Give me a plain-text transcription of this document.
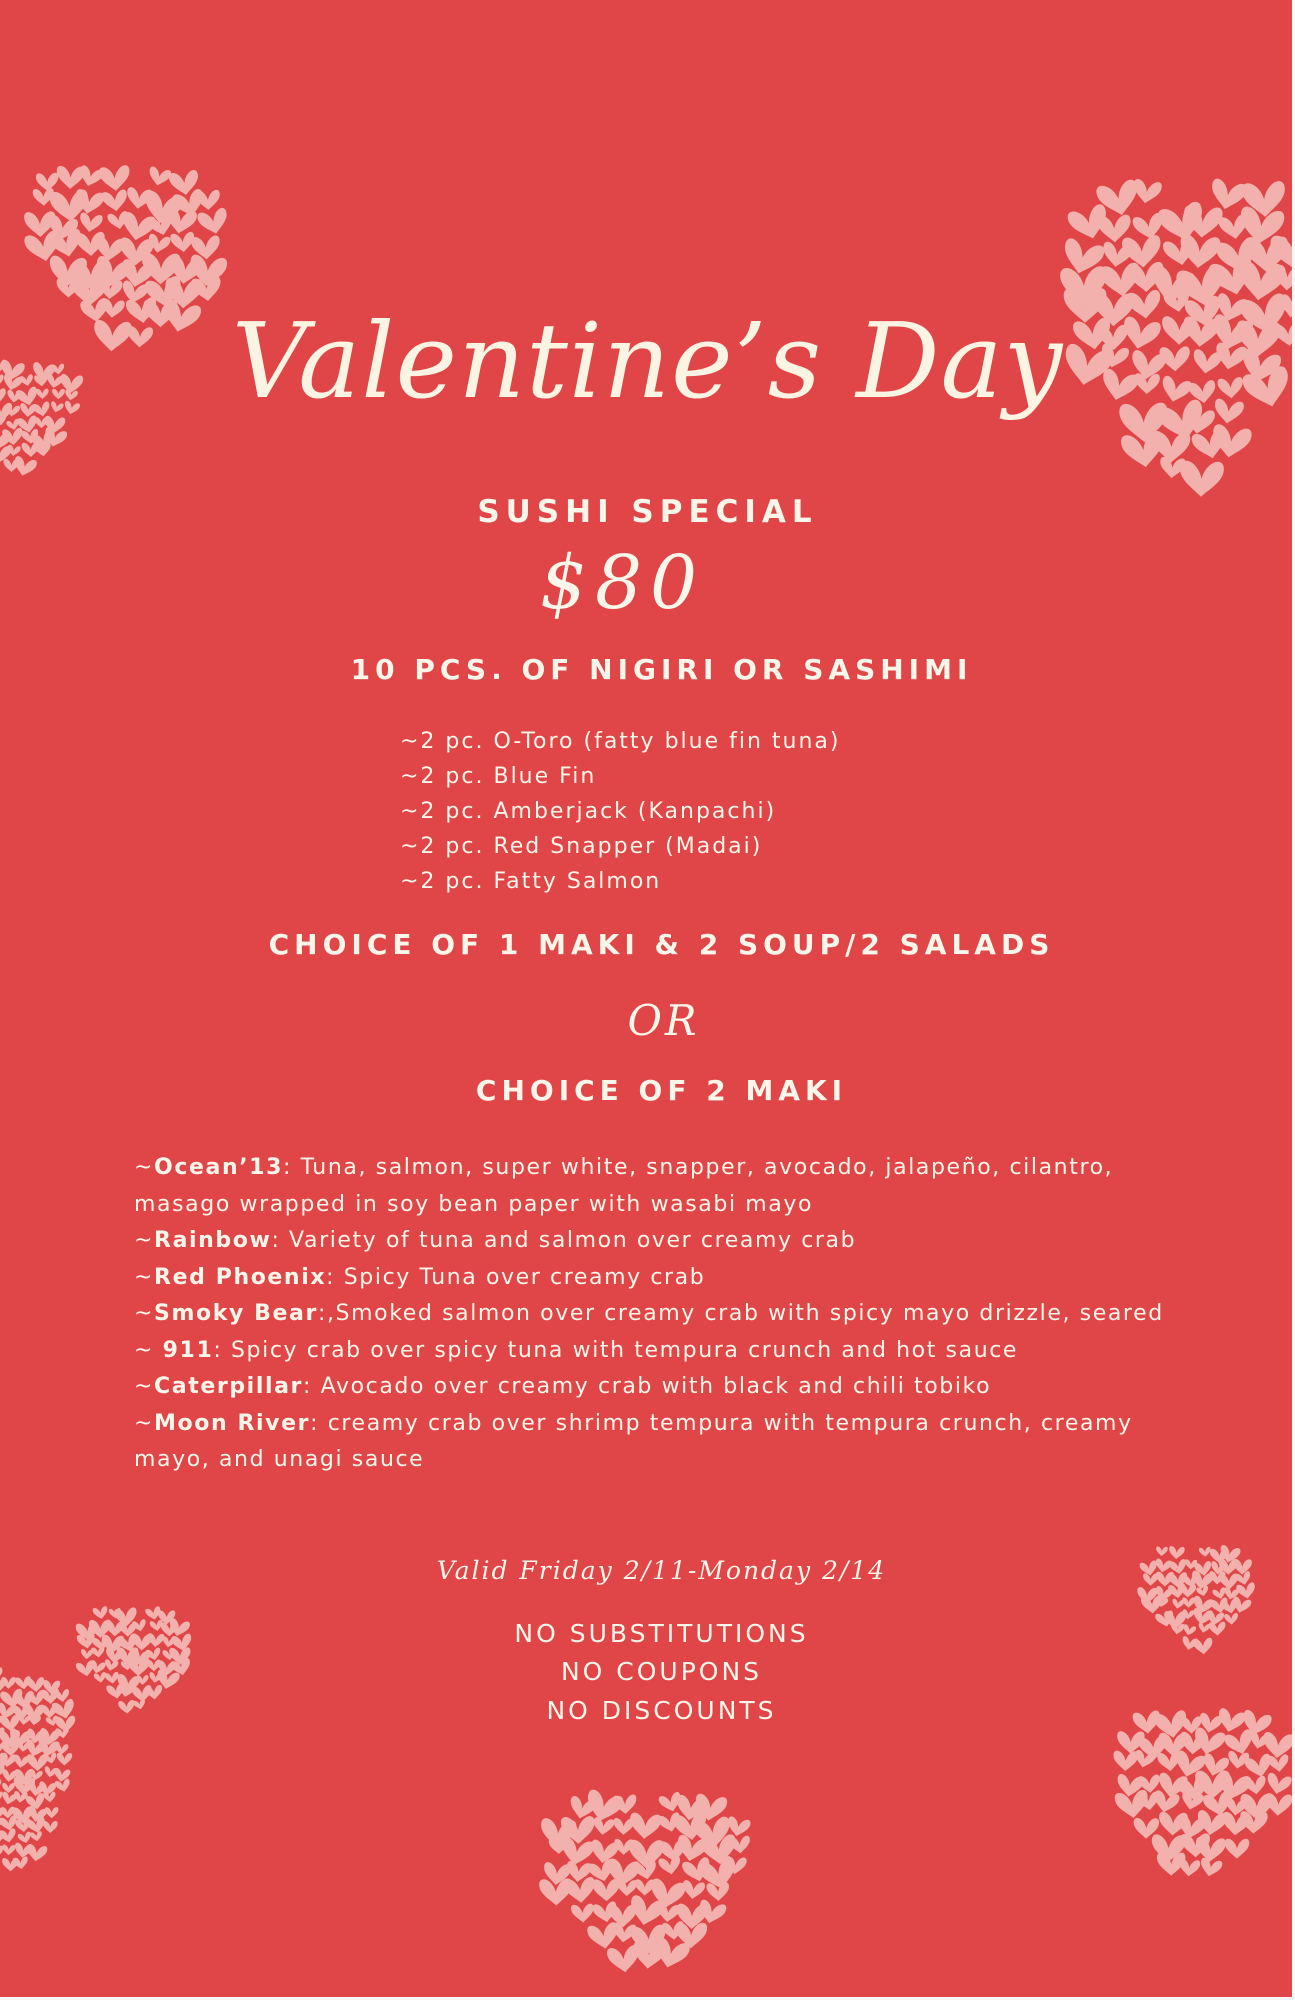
Valentine’s Day
SUSHI SPECIAL
$80
10 PCS. OF NIGIRI OR SASHIMI
~2 pc. O-Toro (fatty blue fin tuna)
~2 pc. Blue Fin
~2 pc. Amberjack (Kanpachi)
~2 pc. Red Snapper (Madai)
~2 pc. Fatty Salmon
CHOICE OF 1 MAKI & 2 SOUP/2 SALADS
OR
CHOICE OF 2 MAKI
~Ocean’13: Tuna, salmon, super white, snapper, avocado, jalapeño, cilantro, masago wrapped in soy bean paper with wasabi mayo
~Rainbow: Variety of tuna and salmon over creamy crab
~Red Phoenix: Spicy Tuna over creamy crab
~Smoky Bear:,Smoked salmon over creamy crab with spicy mayo drizzle, seared
~ 911: Spicy crab over spicy tuna with tempura crunch and hot sauce
~Caterpillar: Avocado over creamy crab with black and chili tobiko
~Moon River: creamy crab over shrimp tempura with tempura crunch, creamy mayo, and unagi sauce
Valid Friday 2/11-Monday 2/14
NO SUBSTITUTIONS
NO COUPONS
NO DISCOUNTS
